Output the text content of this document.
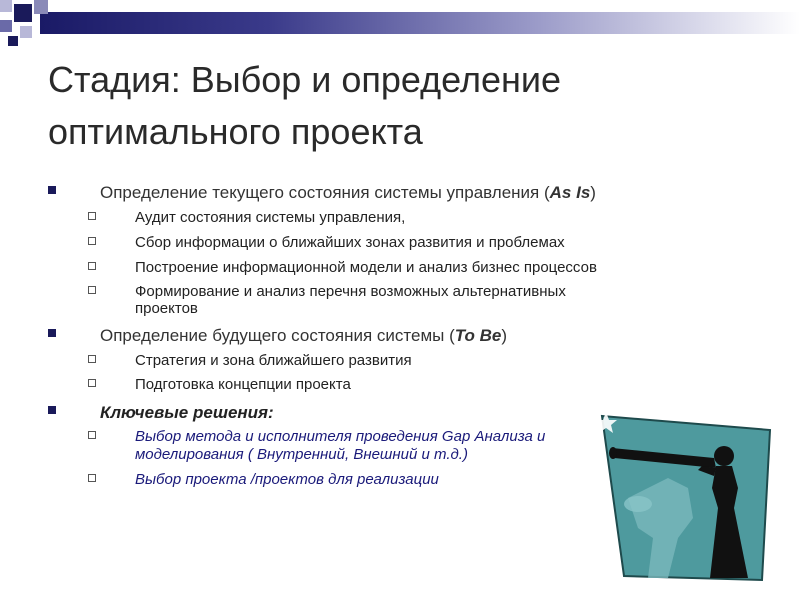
Стадия: Выбор и определение
оптимального проекта
Определение текущего состояния системы управления (As Is)
Аудит состояния системы управления,
Сбор информации о ближайших зонах развития и проблемах
Построение информационной модели и анализ бизнес процессов
Формирование и анализ перечня возможных альтернативных
проектов
Определение будущего состояния системы (To Be)
Стратегия и зона ближайшего развития
Подготовка концепции проекта
Ключевые решения:
Выбор метода и исполнителя проведения Gap Анализа и
моделирования ( Внутренний, Внешний и т.д.)
Выбор проекта /проектов для реализации
